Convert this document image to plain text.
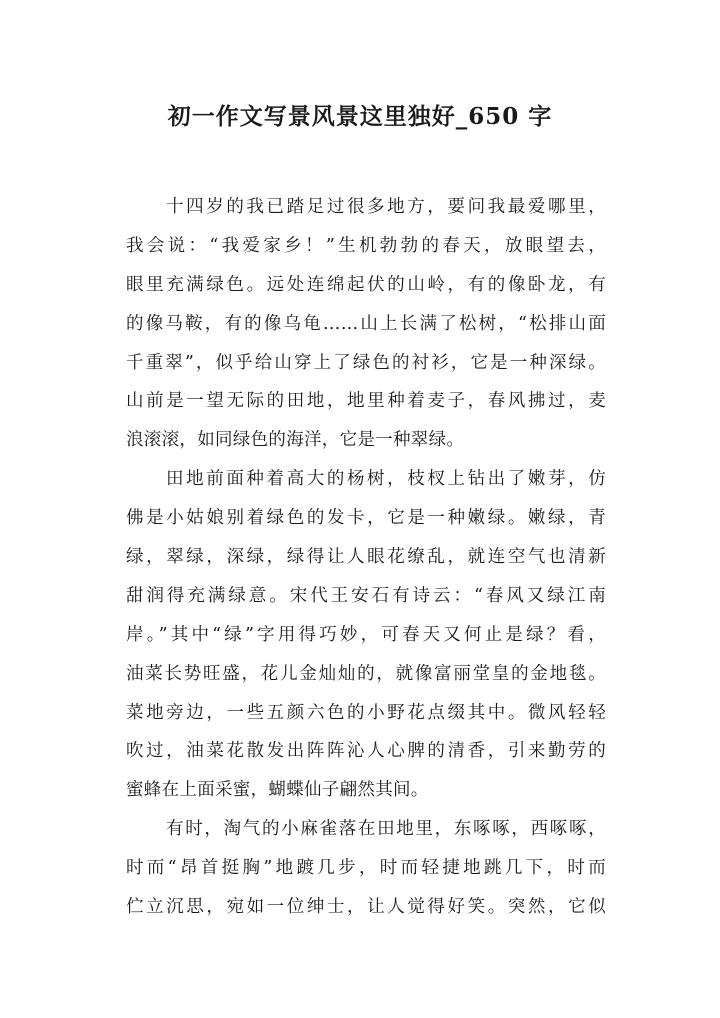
初一作文写景风景这里独好_650 字
十四岁的我已踏足过很多地方，要问我最爱哪里，
我会说：“我爱家乡！”生机勃勃的春天，放眼望去，
眼里充满绿色。远处连绵起伏的山岭，有的像卧龙，有
的像马鞍，有的像乌龟……山上长满了松树，“松排山面
千重翠”，似乎给山穿上了绿色的衬衫，它是一种深绿。
山前是一望无际的田地，地里种着麦子，春风拂过，麦
浪滚滚，如同绿色的海洋，它是一种翠绿。
田地前面种着高大的杨树，枝杈上钻出了嫩芽，仿
佛是小姑娘别着绿色的发卡，它是一种嫩绿。嫩绿，青
绿，翠绿，深绿，绿得让人眼花缭乱，就连空气也清新
甜润得充满绿意。宋代王安石有诗云：“春风又绿江南
岸。”其中“绿”字用得巧妙，可春天又何止是绿？看，
油菜长势旺盛，花儿金灿灿的，就像富丽堂皇的金地毯。
菜地旁边，一些五颜六色的小野花点缀其中。微风轻轻
吹过，油菜花散发出阵阵沁人心脾的清香，引来勤劳的
蜜蜂在上面采蜜，蝴蝶仙子翩然其间。
有时，淘气的小麻雀落在田地里，东啄啄，西啄啄，
时而“昂首挺胸”地踱几步，时而轻捷地跳几下，时而
伫立沉思，宛如一位绅士，让人觉得好笑。突然，它似
